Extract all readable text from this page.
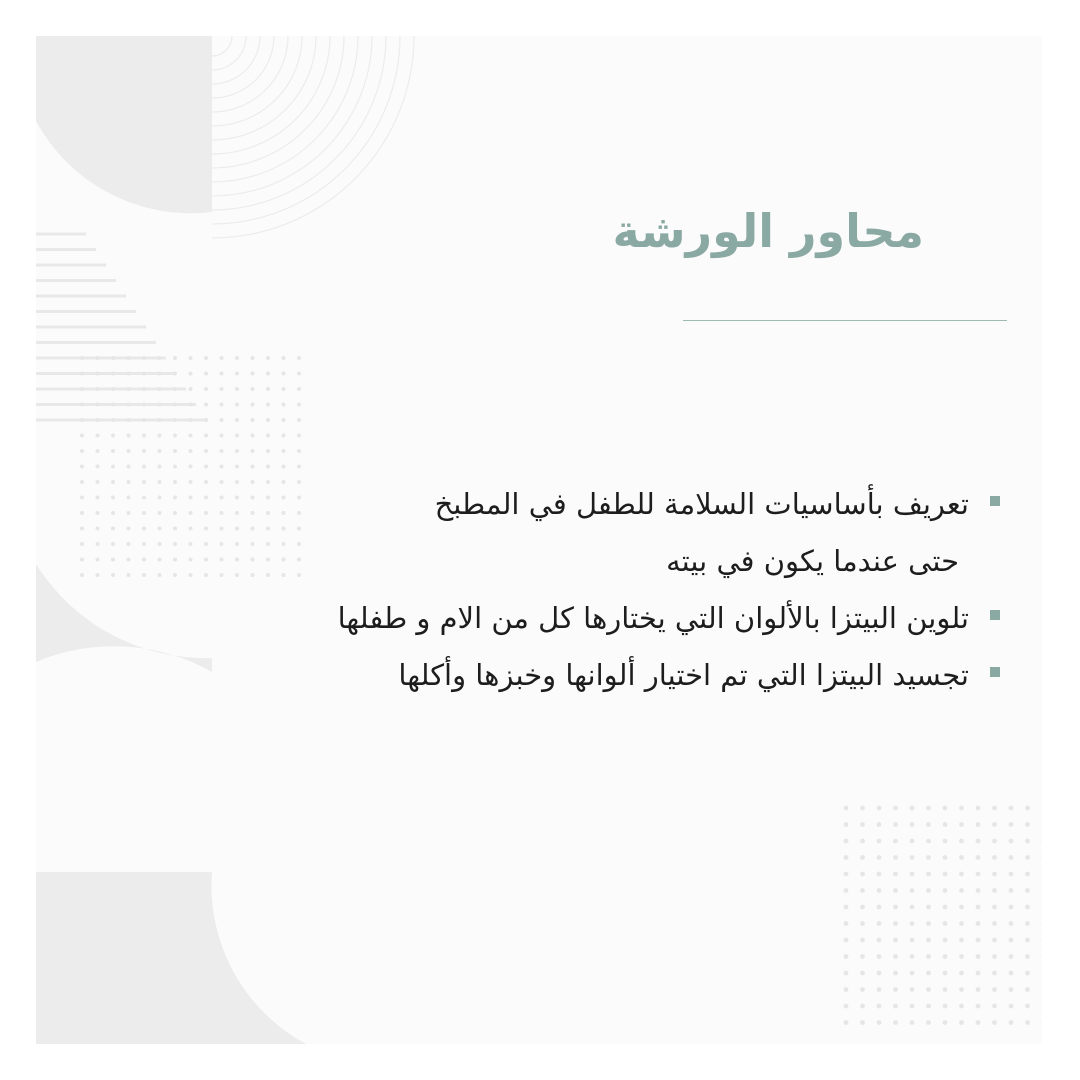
محاور الورشة
تعريف بأساسيات السلامة للطفل في المطبخ
حتى عندما يكون في بيته
تلوين البيتزا بالألوان التي يختارها كل من الام و طفلها
تجسيد البيتزا التي تم اختيار ألوانها وخبزها وأكلها
